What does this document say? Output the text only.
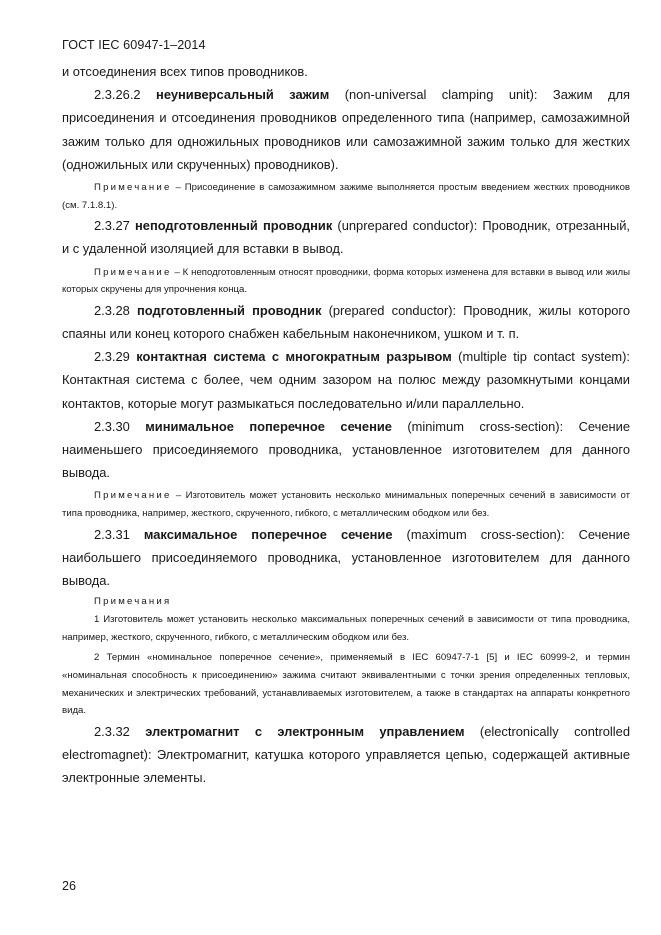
ГОСТ IEC 60947-1–2014

и отсоединения всех типов проводников.

2.3.26.2 неуниверсальный зажим (non-universal clamping unit): Зажим для присоединения и отсоединения проводников определенного типа (например, самозажимной зажим только для одножильных проводников или самозажимной зажим только для жестких (одножильных или скрученных) проводников).

Примечание – Присоединение в самозажимном зажиме выполняется простым введением жестких проводников (см. 7.1.8.1).

2.3.27 неподготовленный проводник (unprepared conductor): Проводник, отрезанный, и с удаленной изоляцией для вставки в вывод.

Примечание – К неподготовленным относят проводники, форма которых изменена для вставки в вывод или жилы которых скручены для упрочнения конца.

2.3.28 подготовленный проводник (prepared conductor): Проводник, жилы которого спаяны или конец которого снабжен кабельным наконечником, ушком и т. п.

2.3.29 контактная система с многократным разрывом (multiple tip contact system): Контактная система с более, чем одним зазором на полюс между разомкнутыми концами контактов, которые могут размыкаться последовательно и/или параллельно.

2.3.30 минимальное поперечное сечение (minimum cross-section): Сечение наименьшего присоединяемого проводника, установленное изготовителем для данного вывода.

Примечание – Изготовитель может установить несколько минимальных поперечных сечений в зависимости от типа проводника, например, жесткого, скрученного, гибкого, с металлическим ободком или без.

2.3.31 максимальное поперечное сечение (maximum cross-section): Сечение наибольшего присоединяемого проводника, установленное изготовителем для данного вывода.

Примечания

1 Изготовитель может установить несколько максимальных поперечных сечений в зависимости от типа проводника, например, жесткого, скрученного, гибкого, с металлическим ободком или без.

2 Термин «номинальное поперечное сечение», применяемый в IEC 60947-7-1 [5] и IEC 60999-2, и термин «номинальная способность к присоединению» зажима считают эквивалентными с точки зрения определенных тепловых, механических и электрических требований, устанавливаемых изготовителем, а также в стандартах на аппараты конкретного вида.

2.3.32 электромагнит с электронным управлением (electronically controlled electromagnet): Электромагнит, катушка которого управляется цепью, содержащей активные электронные элементы.

26
